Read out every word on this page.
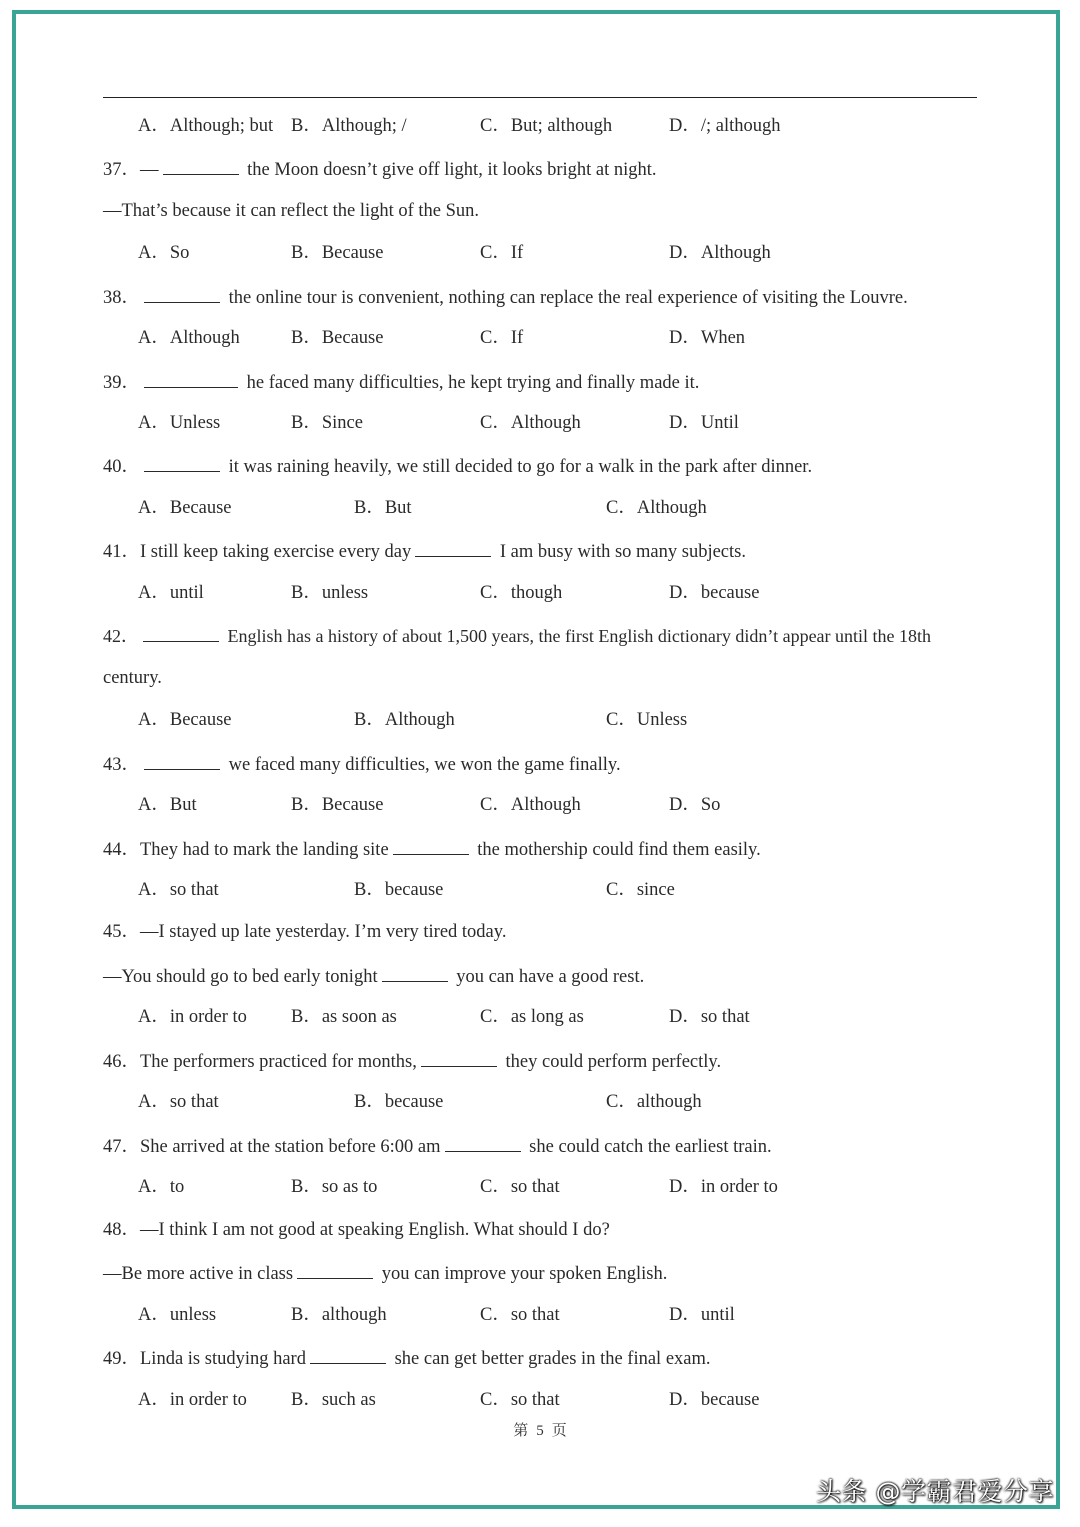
A．Although; but B．Although; /	C．But; although	D．/; although
37．—	the Moon doesn’t give off light, it looks bright at night.
—That’s because it can reflect the light of the Sun.
A．So	B．Because	C．If	D．Although
38．	the online tour is convenient, nothing can replace the real experience of visiting the Louvre.
A．Although	B．Because	C．If	D．When
39．	he faced many difficulties, he kept trying and finally made it.
A．Unless	B．Since	C．Although	D．Until
40．	it was raining heavily, we still decided to go for a walk in the park after dinner.
A．Because	B．But	C．Although
41．I still keep taking exercise every day	I am busy with so many subjects.
A．until	B．unless	C．though	D．because
42．	English has a history of about 1,500 years, the first English dictionary didn’t appear until the 18th
century.
A．Because	B．Although	C．Unless
43．	we faced many difficulties, we won the game finally.
A．But	B．Because	C．Although	D．So
44．They had to mark the landing site	the mothership could find them easily.
A．so that	B．because	C．since
45．—I stayed up late yesterday. I’m very tired today.
—You should go to bed early tonight	you can have a good rest.
A．in order to B．as soon as	C．as long as	D．so that
46．The performers practiced for months,	they could perform perfectly.
A．so that	B．because	C．although
47．She arrived at the station before 6:00 am	she could catch the earliest train.
A．to	B．so as to	C．so that	D．in order to
48．—I think I am not good at speaking English. What should I do?
—Be more active in class	you can improve your spoken English.
A．unless	B．although	C．so that	D．until
49．Linda is studying hard	she can get better grades in the final exam.
A．in order to B．such as	C．so that	D．because
第 5 页
头条 @学霸君爱分享
